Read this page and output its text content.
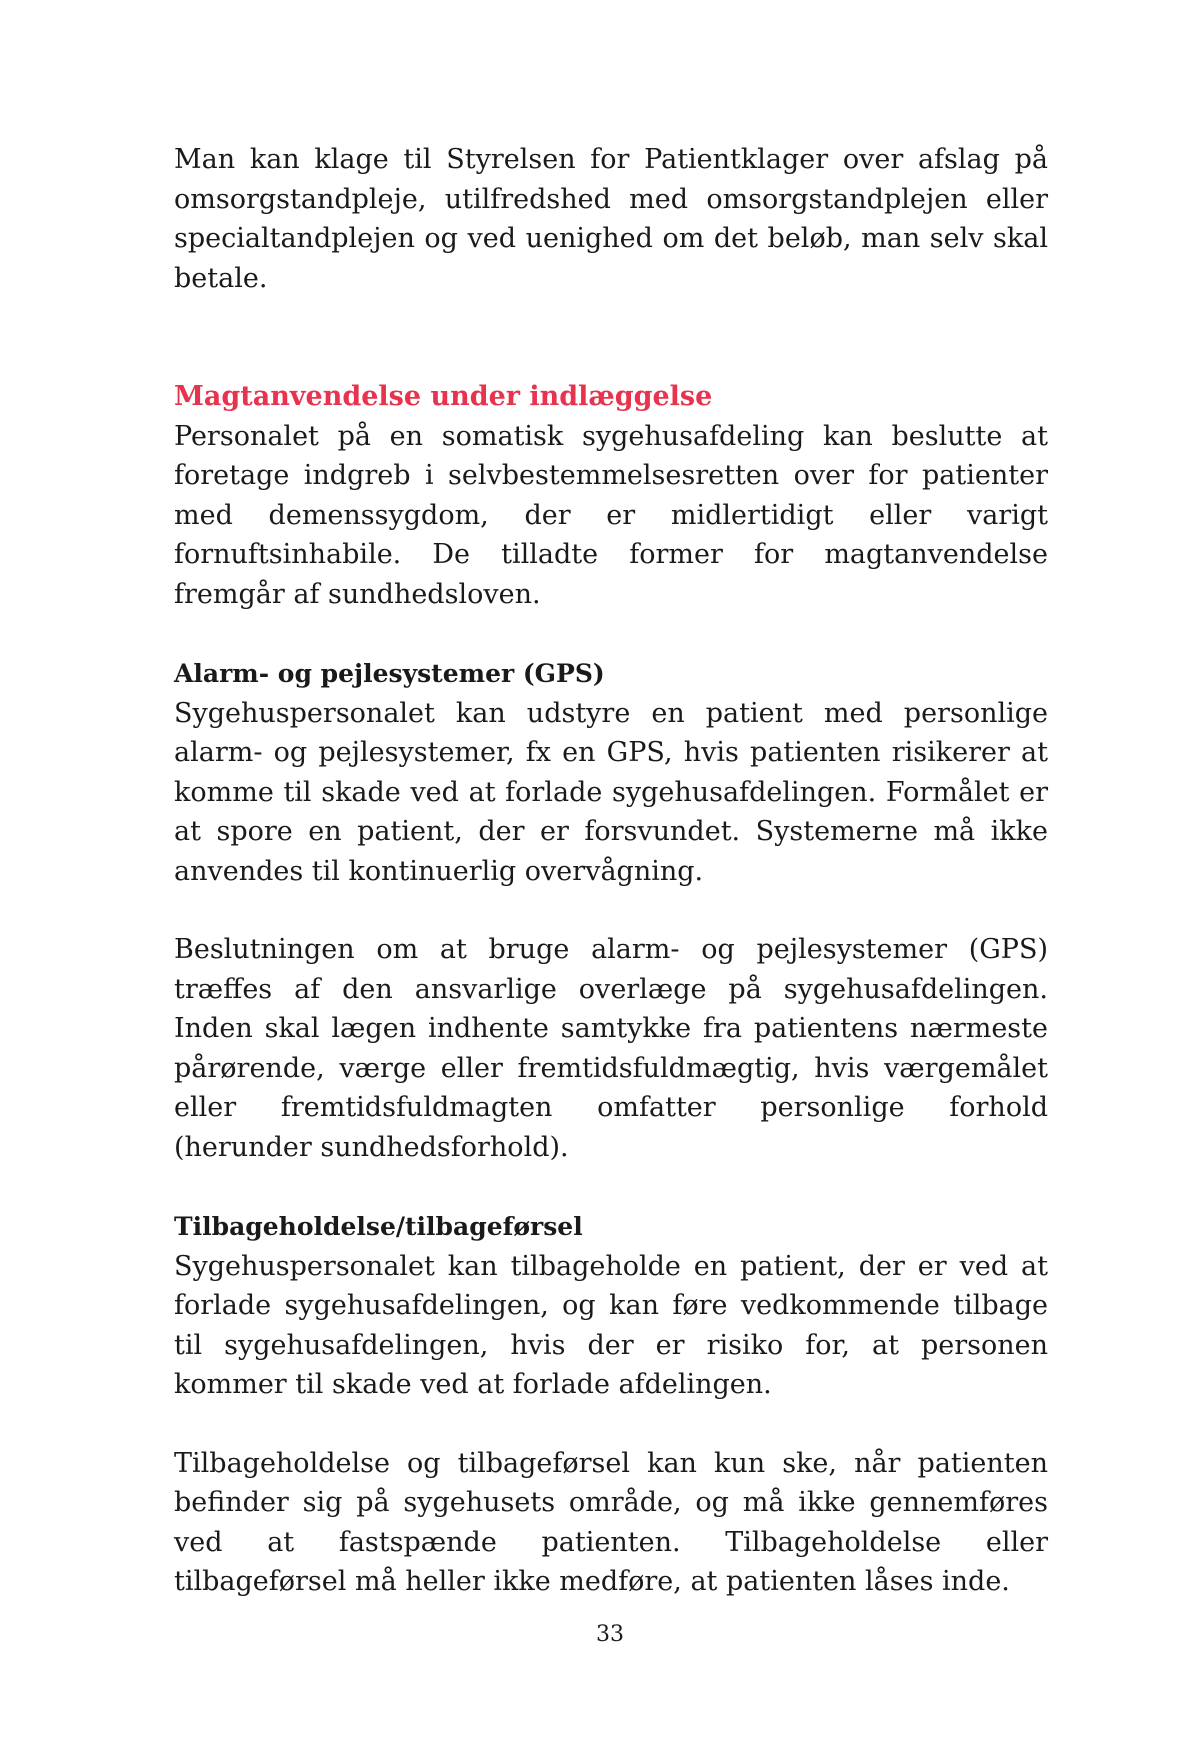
Man kan klage til Styrelsen for Patientklager over afslag på omsorgstandpleje, utilfredshed med omsorgstandplejen eller specialtandplejen og ved uenighed om det beløb, man selv skal betale.

Magtanvendelse under indlæggelse

Personalet på en somatisk sygehusafdeling kan beslutte at foretage indgreb i selvbestemmelsesretten over for patienter med demenssygdom, der er midlertidigt eller varigt fornuftsinhabile. De tilladte former for magtanvendelse fremgår af sundhedsloven.

Alarm- og pejlesystemer (GPS)

Sygehuspersonalet kan udstyre en patient med personlige alarm- og pejlesystemer, fx en GPS, hvis patienten risikerer at komme til skade ved at forlade sygehusafdelingen. Formålet er at spore en patient, der er forsvundet. Systemerne må ikke anvendes til kontinuerlig overvågning.

Beslutningen om at bruge alarm- og pejlesystemer (GPS) træffes af den ansvarlige overlæge på sygehusafdelingen. Inden skal lægen indhente samtykke fra patientens nærmeste pårørende, værge eller fremtidsfuldmægtig, hvis værgemålet eller fremtidsfuldmagten omfatter personlige forhold (herunder sundhedsforhold).

Tilbageholdelse/tilbageførsel

Sygehuspersonalet kan tilbageholde en patient, der er ved at forlade sygehusafdelingen, og kan føre vedkommende tilbage til sygehusafdelingen, hvis der er risiko for, at personen kommer til skade ved at forlade afdelingen.

Tilbageholdelse og tilbageførsel kan kun ske, når patienten befinder sig på sygehusets område, og må ikke gennemføres ved at fastspænde patienten. Tilbageholdelse eller tilbageførsel må heller ikke medføre, at patienten låses inde.

33
